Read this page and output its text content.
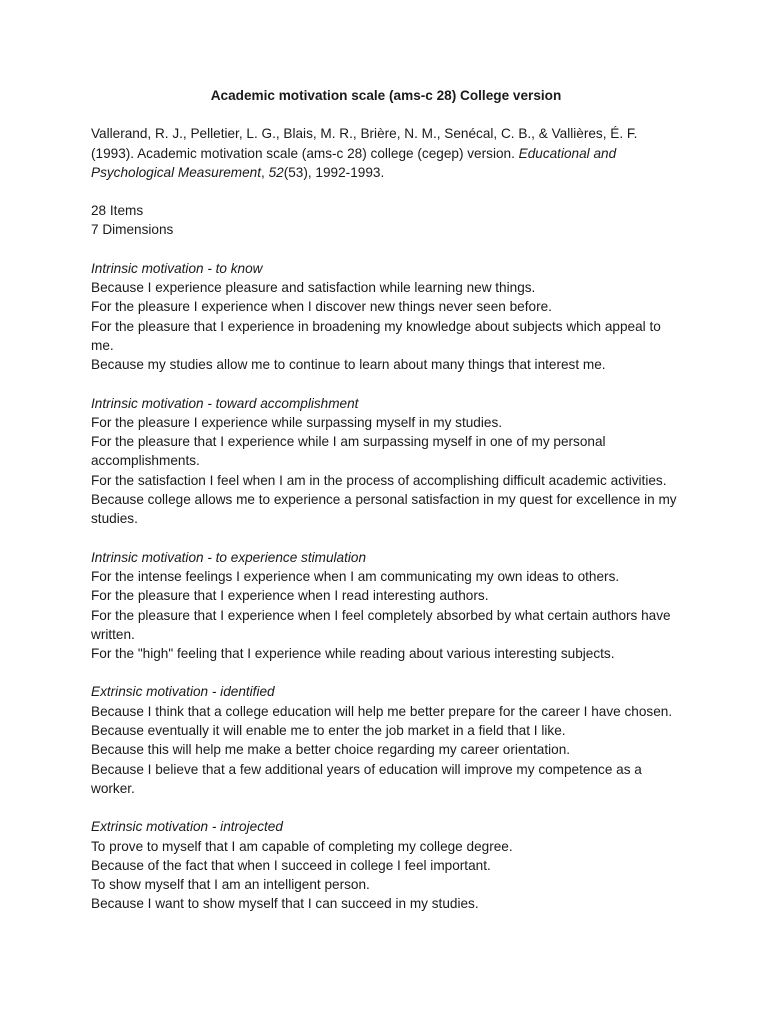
Academic motivation scale (ams-c 28) College version
Vallerand, R. J., Pelletier, L. G., Blais, M. R., Brière, N. M., Senécal, C. B., & Vallières, É. F. (1993). Academic motivation scale (ams-c 28) college (cegep) version. Educational and Psychological Measurement, 52(53), 1992-1993.
28 Items
7 Dimensions
Intrinsic motivation - to know
Because I experience pleasure and satisfaction while learning new things.
For the pleasure I experience when I discover new things never seen before.
For the pleasure that I experience in broadening my knowledge about subjects which appeal to me.
Because my studies allow me to continue to learn about many things that interest me.
Intrinsic motivation - toward accomplishment
For the pleasure I experience while surpassing myself in my studies.
For the pleasure that I experience while I am surpassing myself in one of my personal accomplishments.
For the satisfaction I feel when I am in the process of accomplishing difficult academic activities.
Because college allows me to experience a personal satisfaction in my quest for excellence in my studies.
Intrinsic motivation - to experience stimulation
For the intense feelings I experience when I am communicating my own ideas to others.
For the pleasure that I experience when I read interesting authors.
For the pleasure that I experience when I feel completely absorbed by what certain authors have written.
For the "high" feeling that I experience while reading about various interesting subjects.
Extrinsic motivation - identified
Because I think that a college education will help me better prepare for the career I have chosen.
Because eventually it will enable me to enter the job market in a field that I like.
Because this will help me make a better choice regarding my career orientation.
Because I believe that a few additional years of education will improve my competence as a worker.
Extrinsic motivation - introjected
To prove to myself that I am capable of completing my college degree.
Because of the fact that when I succeed in college I feel important.
To show myself that I am an intelligent person.
Because I want to show myself that I can succeed in my studies.
